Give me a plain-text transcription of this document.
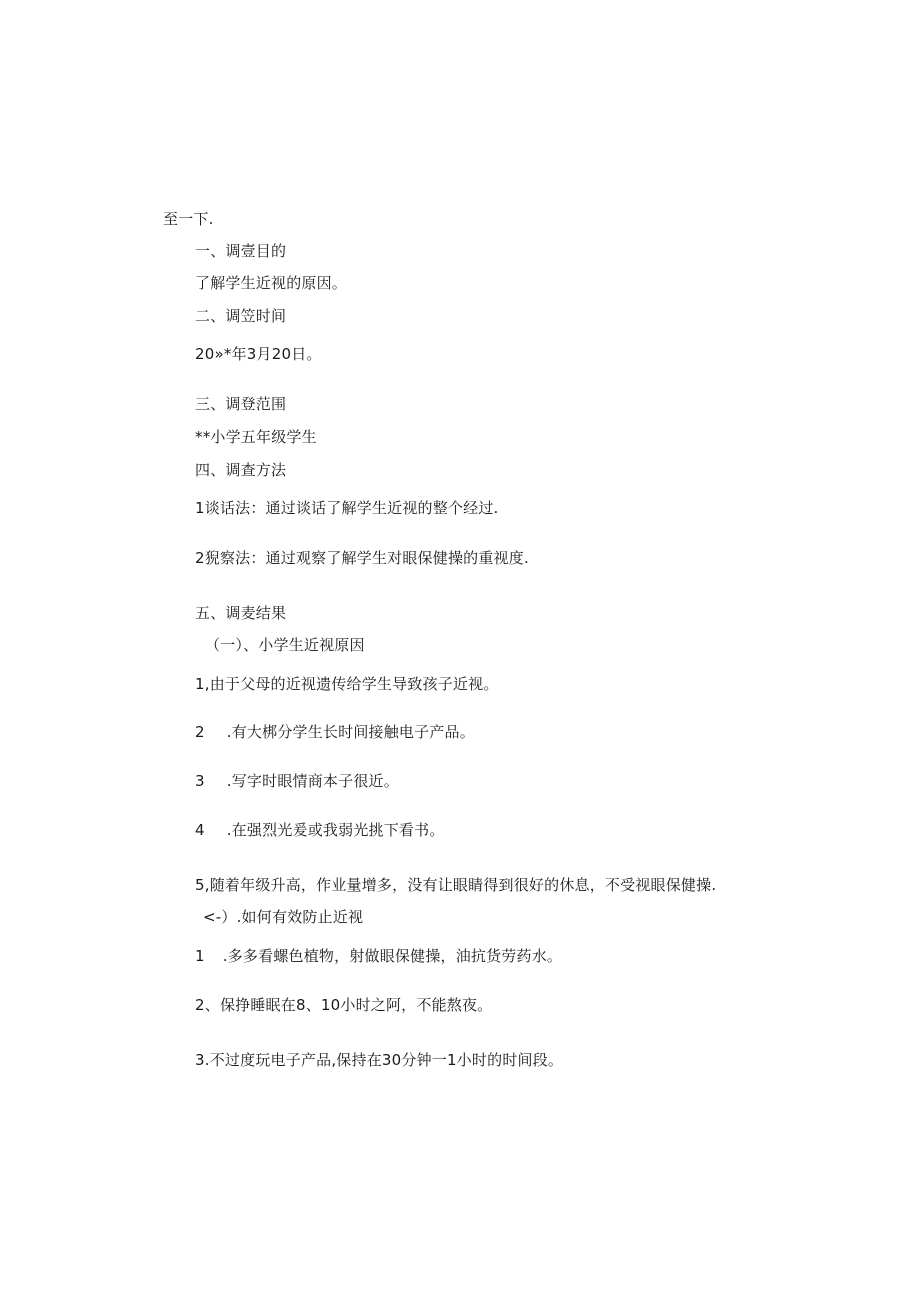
至一下.
一、调壹目的
了解学生近视的原因。
二、调笠时间
20»*年3月20日。
三、调登范围
**小学五年级学生
四、调查方法
1谈话法：通过谈话了解学生近视的整个经过.
2猊察法：通过观察了解学生对眼保健操的重视度.
五、调麦结果
（一）、小学生近视原因
1,由于父母的近视遗传给学生导致孩子近视。
2 .有大梆分学生长时间接触电子产品。
3 .写字时眼情商本子很近。
4 .在强烈光爰或我弱光挑下看书。
5,随着年级升高，作业量增多，没有让眼睛得到很好的休息，不受视眼保健操.
<-）.如何有效防止近视
1 .多多看螺色植物，射做眼保健操，油抗货劳药水。
2、保挣睡眠在8、10小时之阿，不能熬夜。
3.不过度玩电子产品,保持在30分钟一1小时的时间段。
